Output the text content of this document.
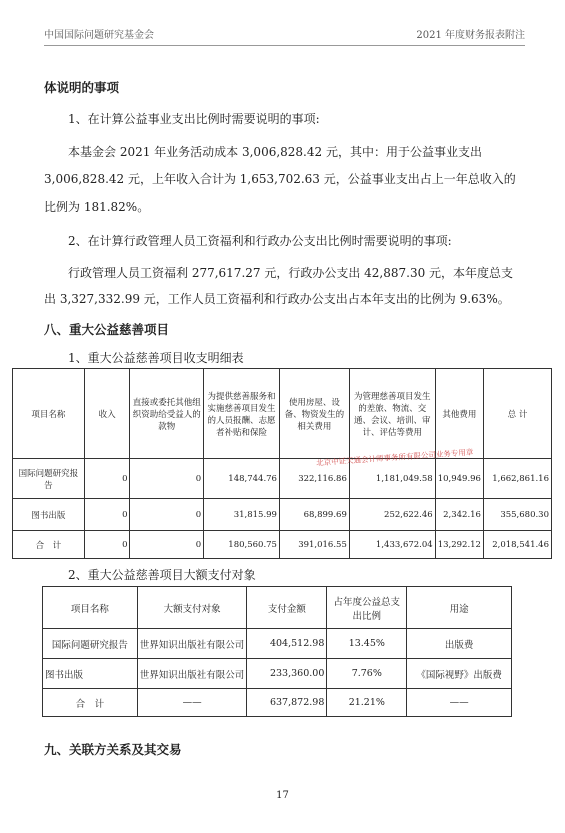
中国国际问题研究基金会	2021 年度财务报表附注
体说明的事项
1、在计算公益事业支出比例时需要说明的事项:
本基金会 2021 年业务活动成本 3,006,828.42 元，其中：用于公益事业支出
3,006,828.42 元，上年收入合计为 1,653,702.63 元，公益事业支出占上一年总收入的
比例为 181.82%。
2、在计算行政管理人员工资福利和行政办公支出比例时需要说明的事项:
行政管理人员工资福利 277,617.27 元，行政办公支出 42,887.30 元，本年度总支
出 3,327,332.99 元，工作人员工资福利和行政办公支出占本年支出的比例为 9.63%。
八、重大公益慈善项目
1、重大公益慈善项目收支明细表
项目名称	收入	直接或委托其他组织资助给受益人的款物	为提供慈善服务和实施慈善项目发生的人员报酬、志愿者补贴和保险	使用房屋、设备、物资发生的相关费用	为管理慈善项目发生的差旅、物流、交通、会议、培训、审计、评估等费用	其他费用	总 计
国际问题研究报告	0	0	148,744.76	322,116.86	1,181,049.58	10,949.96	1,662,861.16
图书出版	0	0	31,815.99	68,899.69	252,622.46	2,342.16	355,680.30
合　计	0	0	180,560.75	391,016.55	1,433,672.04	13,292.12	2,018,541.46
北京中证天通会计师事务所有限公司业务专用章
2、重大公益慈善项目大额支付对象
项目名称	大额支付对象	支付金额	占年度公益总支出比例	用途
国际问题研究报告	世界知识出版社有限公司	404,512.98	13.45%	出版费
图书出版	世界知识出版社有限公司	233,360.00	7.76%	《国际视野》出版费
合　计	——	637,872.98	21.21%	——
九、关联方关系及其交易
17
